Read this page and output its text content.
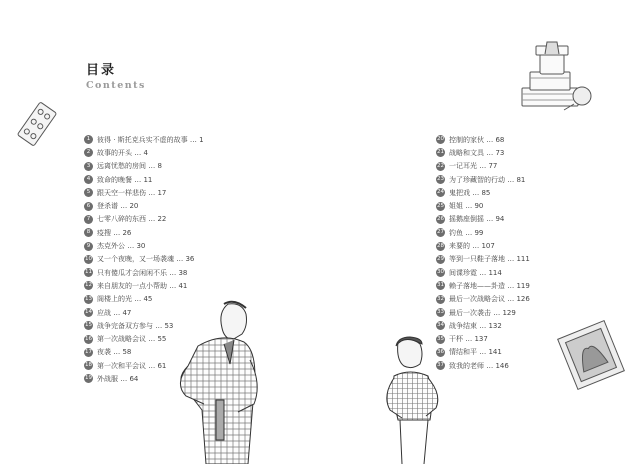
目录
Contents
1 彼得 · 斯托克兵实不虚的故事 … 1
2 故事的开头 … 4
3 远离忧愁的房间 … 8
4 致命的晚餐 … 11
5 跟天空一样悲伤 … 17
6 登杀谱 … 20
7 七零八碎的东西 … 22
8 疫搜 … 26
9 杰克外公 … 30
10 又一个夜晚，又一场袭魂 … 36
11 只有傻瓜才会闲闲不乐 … 38
12 来自朋友的一点小帮助 … 41
13 阁楼上的光 … 45
14 应战 … 47
15 战争完备双方参与 … 53
16 第一次战略会议 … 55
17 夜袭 … 58
18 第一次和平会议 … 61
19 外战服 … 64
20 控制的家伙 … 68
21 战略和文具 … 73
22 一记耳光 … 77
23 为了珍藏智的行动 … 81
24 鬼把戏 … 85
25 姐姐 … 90
26 摇鹅座倒摇 … 94
27 钓鱼 … 99
28 来要的 … 107
29 等到一只鞋子落地 … 111
30 间谍珍霓 … 114
31 赖子落地——卦造 … 119
32 最后一次战略会议 … 126
33 最后一次袭击 … 129
34 战争结束 … 132
35 干杯 … 137
36 情结和平 … 141
37 致我的老师 … 146
